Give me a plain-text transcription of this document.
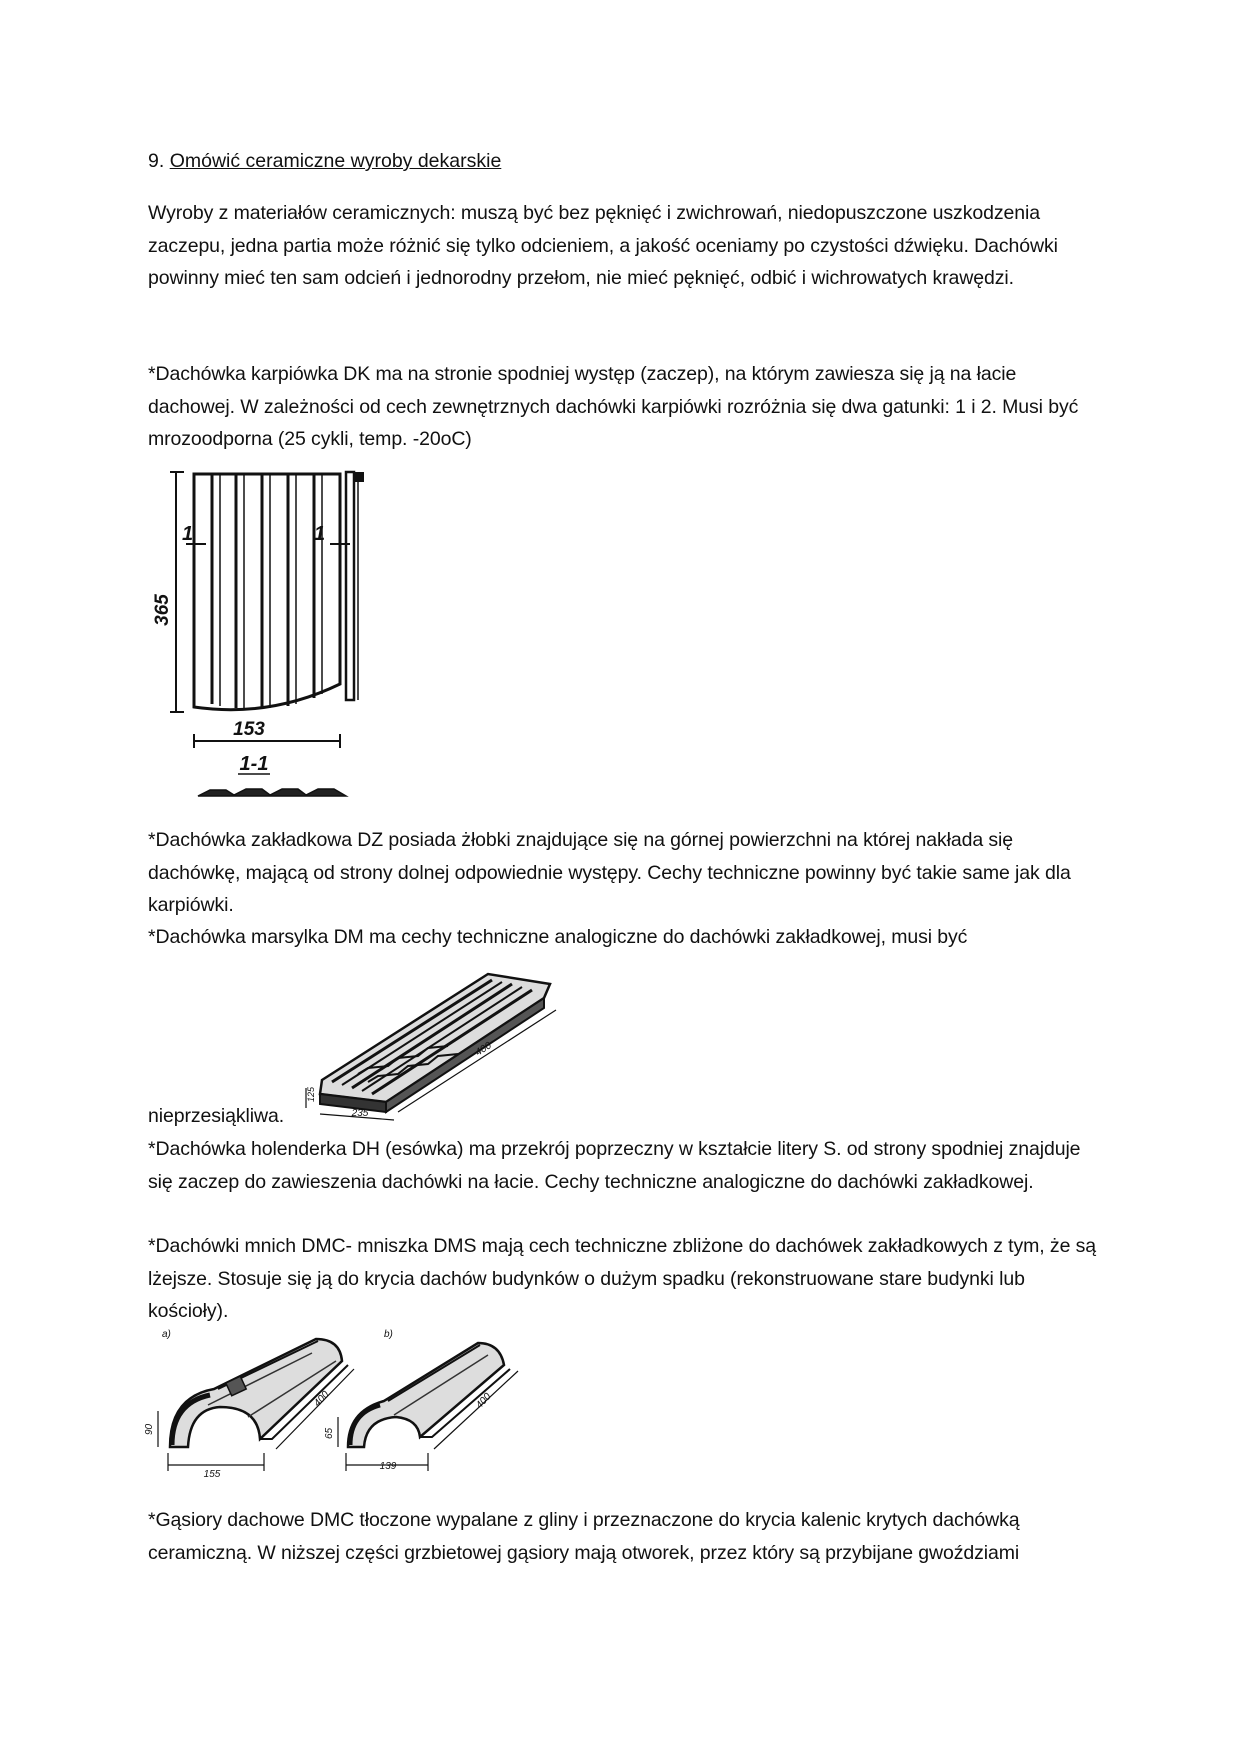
9. Omówić ceramiczne wyroby dekarskie

Wyroby z materiałów ceramicznych: muszą być bez pęknięć i zwichrowań, niedopuszczone uszkodzenia zaczepu, jedna partia może różnić się tylko odcieniem, a jakość oceniamy po czystości dźwięku. Dachówki powinny mieć ten sam odcień i jednorodny przełom, nie mieć pęknięć, odbić i wichrowatych krawędzi.

*Dachówka karpiówka DK ma na stronie spodniej występ (zaczep), na którym zawiesza się ją na łacie dachowej. W zależności od cech zewnętrznych dachówki karpiówki rozróżnia się dwa gatunki: 1 i 2. Musi być mrozoodporna (25 cykli, temp. -20oC)

365
1	1
153
1-1

*Dachówka zakładkowa DZ posiada żłobki znajdujące się na górnej powierzchni na której nakłada się dachówkę, mającą od strony dolnej odpowiednie występy. Cechy techniczne powinny być takie same jak dla karpiówki.

*Dachówka marsylka DM ma cechy techniczne analogiczne do dachówki zakładkowej, musi być

400
235
125

nieprzesiąkliwa.

*Dachówka holenderka DH (esówka) ma przekrój poprzeczny w kształcie litery S. od strony spodniej znajduje się zaczep do zawieszenia dachówki na łacie. Cechy techniczne analogiczne do dachówki zakładkowej.

*Dachówki mnich DMC- mniszka DMS mają cech techniczne zbliżone do dachówek zakładkowych z tym, że są lżejsze. Stosuje się ją do krycia dachów budynków o dużym spadku (rekonstruowane stare budynki lub kościoły).

a)	b)
90
155
400
65
139
400

*Gąsiory dachowe DMC tłoczone wypalane z gliny i przeznaczone do krycia kalenic krytych dachówką ceramiczną. W niższej części grzbietowej gąsiory mają otworek, przez który są przybijane gwoździami
